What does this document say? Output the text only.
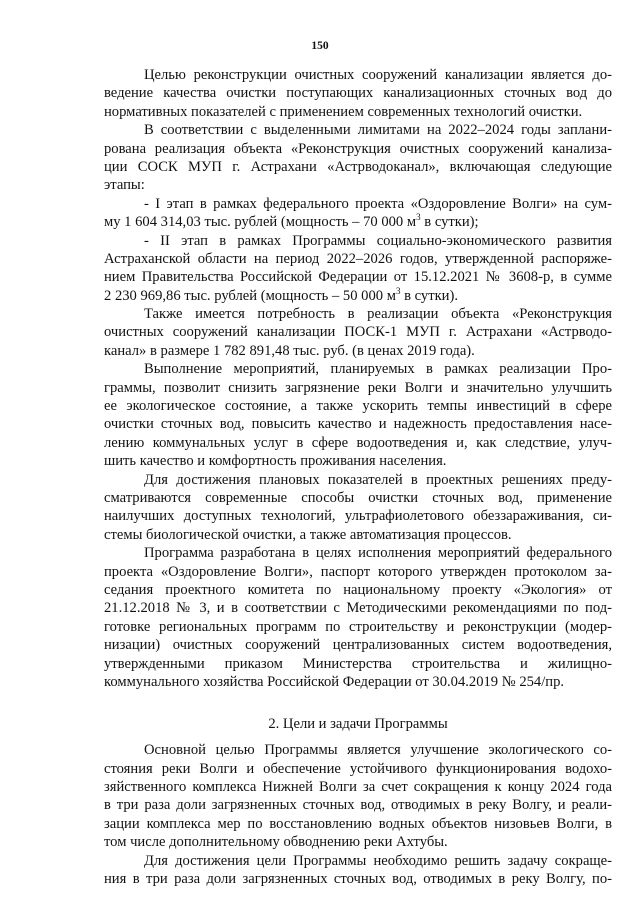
150
Целью реконструкции очистных сооружений канализации является до-
ведение качества очистки поступающих канализационных сточных вод до
нормативных показателей с применением современных технологий очистки.
В соответствии с выделенными лимитами на 2022–2024 годы заплани-
рована реализация объекта «Реконструкция очистных сооружений канализа-
ции СОСК МУП г. Астрахани «Астрводоканал», включающая следующие
этапы:
- I этап в рамках федерального проекта «Оздоровление Волги» на сум-
му 1 604 314,03 тыс. рублей (мощность – 70 000 $м^3$ в сутки);
- II этап в рамках Программы социально-экономического развития
Астраханской области на период 2022–2026 годов, утвержденной распоряже-
нием Правительства Российской Федерации от 15.12.2021 № 3608-р, в сумме
2 230 969,86 тыс. рублей (мощность – 50 000 $м^3$ в сутки).
Также имеется потребность в реализации объекта «Реконструкция
очистных сооружений канализации ПОСК-1 МУП г. Астрахани «Астрводо-
канал» в размере 1 782 891,48 тыс. руб. (в ценах 2019 года).
Выполнение мероприятий, планируемых в рамках реализации Про-
граммы, позволит снизить загрязнение реки Волги и значительно улучшить
ее экологическое состояние, а также ускорить темпы инвестиций в сфере
очистки сточных вод, повысить качество и надежность предоставления насе-
лению коммунальных услуг в сфере водоотведения и, как следствие, улуч-
шить качество и комфортность проживания населения.
Для достижения плановых показателей в проектных решениях преду-
сматриваются современные способы очистки сточных вод, применение
наилучших доступных технологий, ультрафиолетового обеззараживания, си-
стемы биологической очистки, а также автоматизация процессов.
Программа разработана в целях исполнения мероприятий федерального
проекта «Оздоровление Волги», паспорт которого утвержден протоколом за-
седания проектного комитета по национальному проекту «Экология» от
21.12.2018 № 3, и в соответствии с Методическими рекомендациями по под-
готовке региональных программ по строительству и реконструкции (модер-
низации) очистных сооружений централизованных систем водоотведения,
утвержденными приказом Министерства строительства и жилищно-
коммунального хозяйства Российской Федерации от 30.04.2019 № 254/пр.
2. Цели и задачи Программы
Основной целью Программы является улучшение экологического со-
стояния реки Волги и обеспечение устойчивого функционирования водохо-
зяйственного комплекса Нижней Волги за счет сокращения к концу 2024 года
в три раза доли загрязненных сточных вод, отводимых в реку Волгу, и реали-
зации комплекса мер по восстановлению водных объектов низовьев Волги, в
том числе дополнительному обводнению реки Ахтубы.
Для достижения цели Программы необходимо решить задачу сокраще-
ния в три раза доли загрязненных сточных вод, отводимых в реку Волгу, по-
